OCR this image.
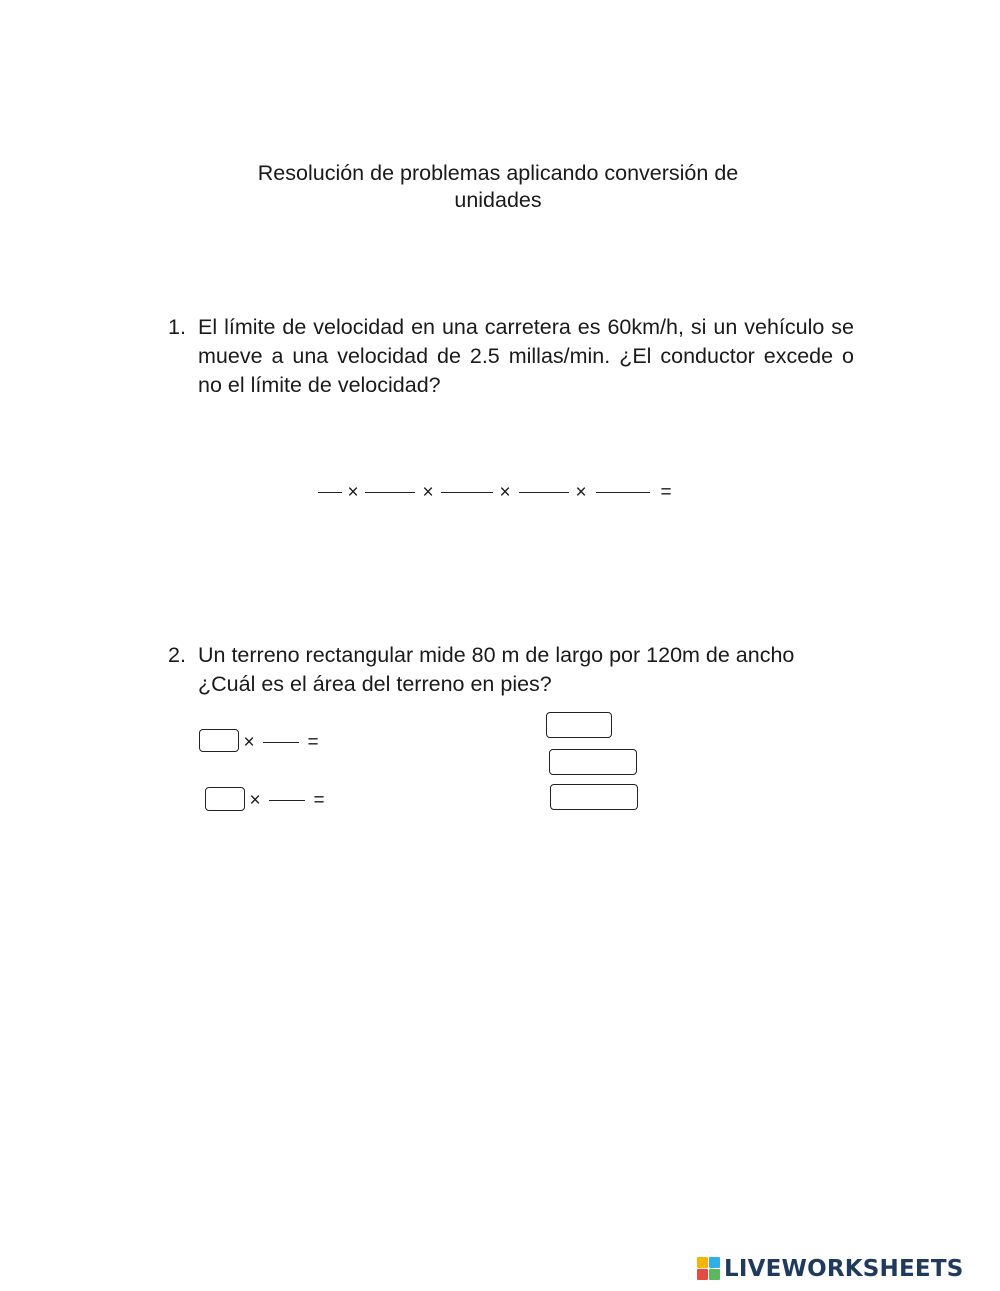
Resolución de problemas aplicando conversión de
unidades
1. El límite de velocidad en una carretera es 60km/h, si un vehículo se mueve a una velocidad de 2.5 millas/min. ¿El conductor excede o no el límite de velocidad?
×	×	×	×	=
2. Un terreno rectangular mide 80 m de largo por 120m de ancho ¿Cuál es el área del terreno en pies?
×	=
×	=
LIVEWORKSHEETS
